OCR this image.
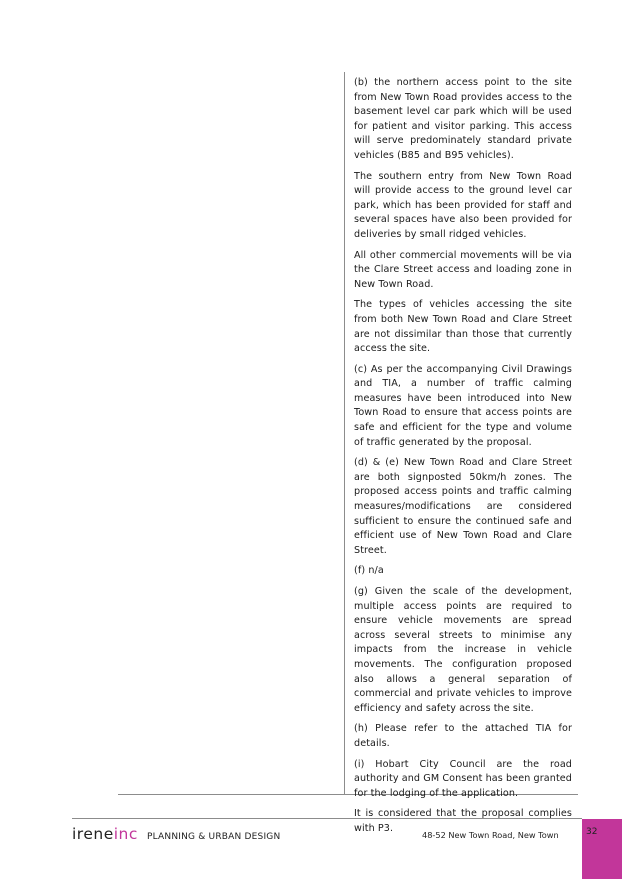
(b) the northern access point to the site from New Town Road provides access to the basement level car park which will be used for patient and visitor parking. This access will serve predominately standard private vehicles (B85 and B95 vehicles).

The southern entry from New Town Road will provide access to the ground level car park, which has been provided for staff and several spaces have also been provided for deliveries by small ridged vehicles.

All other commercial movements will be via the Clare Street access and loading zone in New Town Road.

The types of vehicles accessing the site from both New Town Road and Clare Street are not dissimilar than those that currently access the site.

(c) As per the accompanying Civil Drawings and TIA, a number of traffic calming measures have been introduced into New Town Road to ensure that access points are safe and efficient for the type and volume of traffic generated by the proposal.

(d) & (e) New Town Road and Clare Street are both signposted 50km/h zones. The proposed access points and traffic calming measures/modifications are considered sufficient to ensure the continued safe and efficient use of New Town Road and Clare Street.

(f) n/a

(g) Given the scale of the development, multiple access points are required to ensure vehicle movements are spread across several streets to minimise any impacts from the increase in vehicle movements. The configuration proposed also allows a general separation of commercial and private vehicles to improve efficiency and safety across the site.

(h) Please refer to the attached TIA for details.

(i) Hobart City Council are the road authority and GM Consent has been granted for the lodging of the application.

It is considered that the proposal complies with P3.

ireneinc PLANNING & URBAN DESIGN	48-52 New Town Road, New Town	32
